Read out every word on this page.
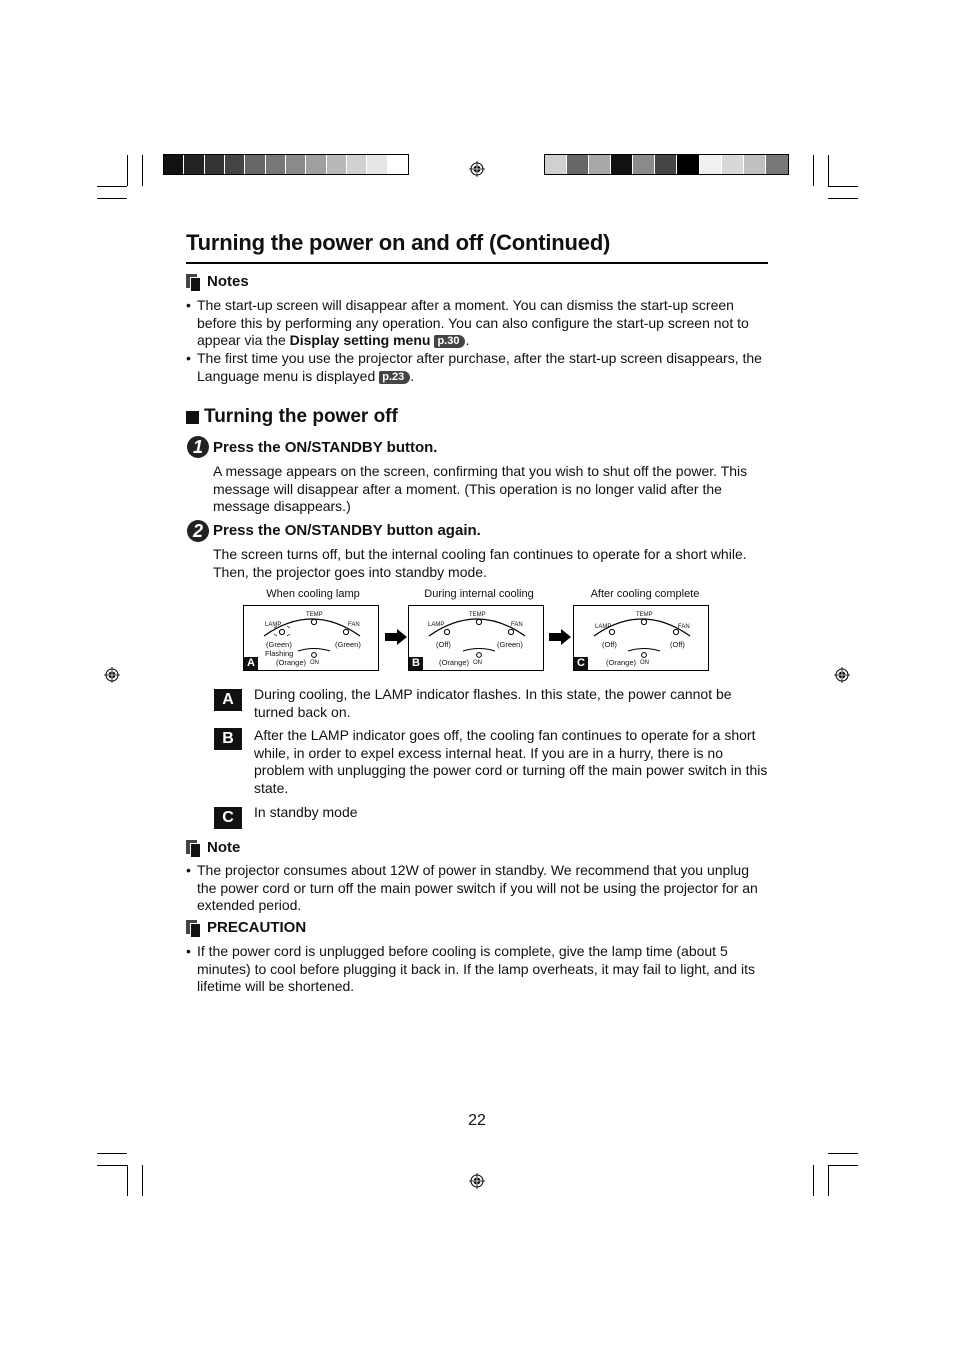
Turning the power on and off (Continued)
Notes
• The start-up screen will disappear after a moment. You can dismiss the start-up screen before this by performing any operation. You can also configure the start-up screen not to appear via the Display setting menu p.30 .
• The first time you use the projector after purchase, after the start-up screen disappears, the Language menu is displayed p.23 .
Turning the power off
1 Press the ON/STANDBY button.
A message appears on the screen, confirming that you wish to shut off the power. This message will disappear after a moment. (This operation is no longer valid after the message disappears.)
2 Press the ON/STANDBY button again.
The screen turns off, but the internal cooling fan continues to operate for a short while. Then, the projector goes into standby mode.
When cooling lamp	During internal cooling	After cooling complete
TEMP
LAMP	FAN
(Green)
Flashing
(Green)
(Orange) ON
A
TEMP
LAMP	FAN
(Off)	(Green)
(Orange) ON
B
TEMP
LAMP	FAN
(Off)	(Off)
(Orange) ON
C
A	During cooling, the LAMP indicator flashes. In this state, the power cannot be turned back on.
B	After the LAMP indicator goes off, the cooling fan continues to operate for a short while, in order to expel excess internal heat. If you are in a hurry, there is no problem with unplugging the power cord or turning off the main power switch in this state.
C	In standby mode
Note
• The projector consumes about 12W of power in standby. We recommend that you unplug the power cord or turn off the main power switch if you will not be using the projector for an extended period.
PRECAUTION
• If the power cord is unplugged before cooling is complete, give the lamp time (about 5 minutes) to cool before plugging it back in. If the lamp overheats, it may fail to light, and its lifetime will be shortened.
22
